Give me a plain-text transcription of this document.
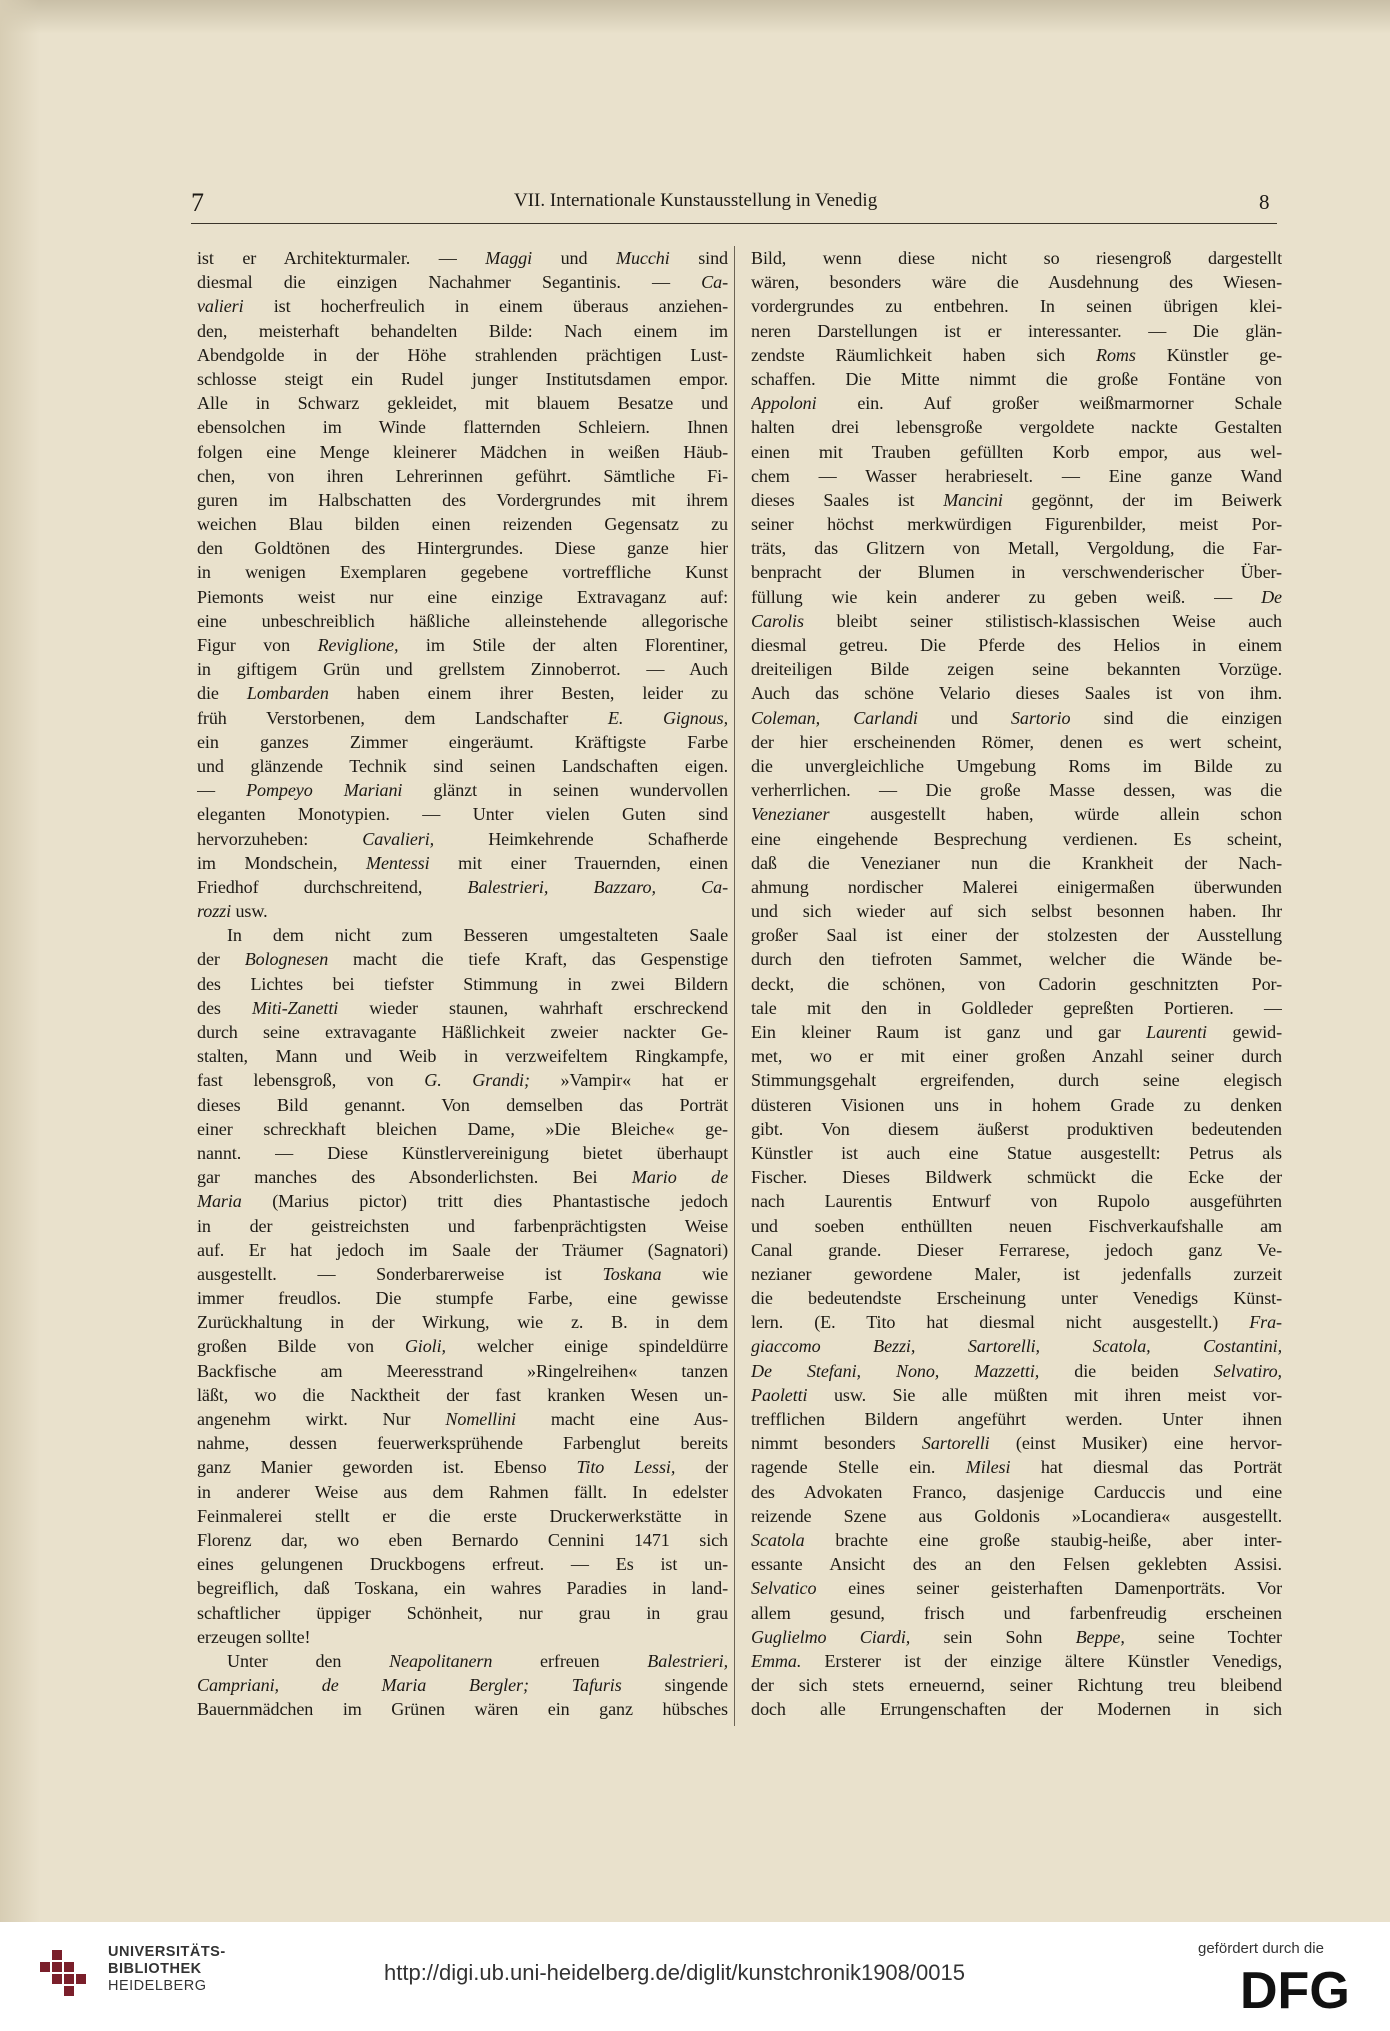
7	VII. Internationale Kunstausstellung in Venedig	8
ist er Architekturmaler. — Maggi und Mucchi sind
diesmal die einzigen Nachahmer Segantinis. — Ca-
valieri ist hocherfreulich in einem überaus anziehen-
den, meisterhaft behandelten Bilde: Nach einem im
Abendgolde in der Höhe strahlenden prächtigen Lust-
schlosse steigt ein Rudel junger Institutsdamen empor.
Alle in Schwarz gekleidet, mit blauem Besatze und
ebensolchen im Winde flatternden Schleiern. Ihnen
folgen eine Menge kleinerer Mädchen in weißen Häub-
chen, von ihren Lehrerinnen geführt. Sämtliche Fi-
guren im Halbschatten des Vordergrundes mit ihrem
weichen Blau bilden einen reizenden Gegensatz zu
den Goldtönen des Hintergrundes. Diese ganze hier
in wenigen Exemplaren gegebene vortreffliche Kunst
Piemonts weist nur eine einzige Extravaganz auf:
eine unbeschreiblich häßliche alleinstehende allegorische
Figur von Reviglione, im Stile der alten Florentiner,
in giftigem Grün und grellstem Zinnoberrot. — Auch
die Lombarden haben einem ihrer Besten, leider zu
früh Verstorbenen, dem Landschafter E. Gignous,
ein ganzes Zimmer eingeräumt. Kräftigste Farbe
und glänzende Technik sind seinen Landschaften eigen.
— Pompeyo Mariani glänzt in seinen wundervollen
eleganten Monotypien. — Unter vielen Guten sind
hervorzuheben: Cavalieri, Heimkehrende Schafherde
im Mondschein, Mentessi mit einer Trauernden, einen
Friedhof durchschreitend, Balestrieri, Bazzaro, Ca-
rozzi usw.
In dem nicht zum Besseren umgestalteten Saale
der Bolognesen macht die tiefe Kraft, das Gespenstige
des Lichtes bei tiefster Stimmung in zwei Bildern
des Miti-Zanetti wieder staunen, wahrhaft erschreckend
durch seine extravagante Häßlichkeit zweier nackter Ge-
stalten, Mann und Weib in verzweifeltem Ringkampfe,
fast lebensgroß, von G. Grandi; »Vampir« hat er
dieses Bild genannt. Von demselben das Porträt
einer schreckhaft bleichen Dame, »Die Bleiche« ge-
nannt. — Diese Künstlervereinigung bietet überhaupt
gar manches des Absonderlichsten. Bei Mario de
Maria (Marius pictor) tritt dies Phantastische jedoch
in der geistreichsten und farbenprächtigsten Weise
auf. Er hat jedoch im Saale der Träumer (Sagnatori)
ausgestellt. — Sonderbarerweise ist Toskana wie
immer freudlos. Die stumpfe Farbe, eine gewisse
Zurückhaltung in der Wirkung, wie z. B. in dem
großen Bilde von Gioli, welcher einige spindeldürre
Backfische am Meeresstrand »Ringelreihen« tanzen
läßt, wo die Nacktheit der fast kranken Wesen un-
angenehm wirkt. Nur Nomellini macht eine Aus-
nahme, dessen feuerwerksprühende Farbenglut bereits
ganz Manier geworden ist. Ebenso Tito Lessi, der
in anderer Weise aus dem Rahmen fällt. In edelster
Feinmalerei stellt er die erste Druckerwerkstätte in
Florenz dar, wo eben Bernardo Cennini 1471 sich
eines gelungenen Druckbogens erfreut. — Es ist un-
begreiflich, daß Toskana, ein wahres Paradies in land-
schaftlicher üppiger Schönheit, nur grau in grau
erzeugen sollte!
Unter den Neapolitanern erfreuen Balestrieri,
Campriani, de Maria Bergler; Tafuris singende
Bauernmädchen im Grünen wären ein ganz hübsches
Bild, wenn diese nicht so riesengroß dargestellt
wären, besonders wäre die Ausdehnung des Wiesen-
vordergrundes zu entbehren. In seinen übrigen klei-
neren Darstellungen ist er interessanter. — Die glän-
zendste Räumlichkeit haben sich Roms Künstler ge-
schaffen. Die Mitte nimmt die große Fontäne von
Appoloni ein. Auf großer weißmarmorner Schale
halten drei lebensgroße vergoldete nackte Gestalten
einen mit Trauben gefüllten Korb empor, aus wel-
chem — Wasser herabrieselt. — Eine ganze Wand
dieses Saales ist Mancini gegönnt, der im Beiwerk
seiner höchst merkwürdigen Figurenbilder, meist Por-
träts, das Glitzern von Metall, Vergoldung, die Far-
benpracht der Blumen in verschwenderischer Über-
füllung wie kein anderer zu geben weiß. — De
Carolis bleibt seiner stilistisch-klassischen Weise auch
diesmal getreu. Die Pferde des Helios in einem
dreiteiligen Bilde zeigen seine bekannten Vorzüge.
Auch das schöne Velario dieses Saales ist von ihm.
Coleman, Carlandi und Sartorio sind die einzigen
der hier erscheinenden Römer, denen es wert scheint,
die unvergleichliche Umgebung Roms im Bilde zu
verherrlichen. — Die große Masse dessen, was die
Venezianer ausgestellt haben, würde allein schon
eine eingehende Besprechung verdienen. Es scheint,
daß die Venezianer nun die Krankheit der Nach-
ahmung nordischer Malerei einigermaßen überwunden
und sich wieder auf sich selbst besonnen haben. Ihr
großer Saal ist einer der stolzesten der Ausstellung
durch den tiefroten Sammet, welcher die Wände be-
deckt, die schönen, von Cadorin geschnitzten Por-
tale mit den in Goldleder gepreßten Portieren. —
Ein kleiner Raum ist ganz und gar Laurenti gewid-
met, wo er mit einer großen Anzahl seiner durch
Stimmungsgehalt ergreifenden, durch seine elegisch
düsteren Visionen uns in hohem Grade zu denken
gibt. Von diesem äußerst produktiven bedeutenden
Künstler ist auch eine Statue ausgestellt: Petrus als
Fischer. Dieses Bildwerk schmückt die Ecke der
nach Laurentis Entwurf von Rupolo ausgeführten
und soeben enthüllten neuen Fischverkaufshalle am
Canal grande. Dieser Ferrarese, jedoch ganz Ve-
nezianer gewordene Maler, ist jedenfalls zurzeit
die bedeutendste Erscheinung unter Venedigs Künst-
lern. (E. Tito hat diesmal nicht ausgestellt.) Fra-
giaccomo Bezzi, Sartorelli, Scatola, Costantini,
De Stefani, Nono, Mazzetti, die beiden Selvatiro,
Paoletti usw. Sie alle müßten mit ihren meist vor-
trefflichen Bildern angeführt werden. Unter ihnen
nimmt besonders Sartorelli (einst Musiker) eine hervor-
ragende Stelle ein. Milesi hat diesmal das Porträt
des Advokaten Franco, dasjenige Carduccis und eine
reizende Szene aus Goldonis »Locandiera« ausgestellt.
Scatola brachte eine große staubig-heiße, aber inter-
essante Ansicht des an den Felsen geklebten Assisi.
Selvatico eines seiner geisterhaften Damenporträts. Vor
allem gesund, frisch und farbenfreudig erscheinen
Guglielmo Ciardi, sein Sohn Beppe, seine Tochter
Emma. Ersterer ist der einzige ältere Künstler Venedigs,
der sich stets erneuernd, seiner Richtung treu bleibend
doch alle Errungenschaften der Modernen in sich
UNIVERSITÄTS-
BIBLIOTHEK
HEIDELBERG
http://digi.ub.uni-heidelberg.de/diglit/kunstchronik1908/0015
gefördert durch die
DFG
